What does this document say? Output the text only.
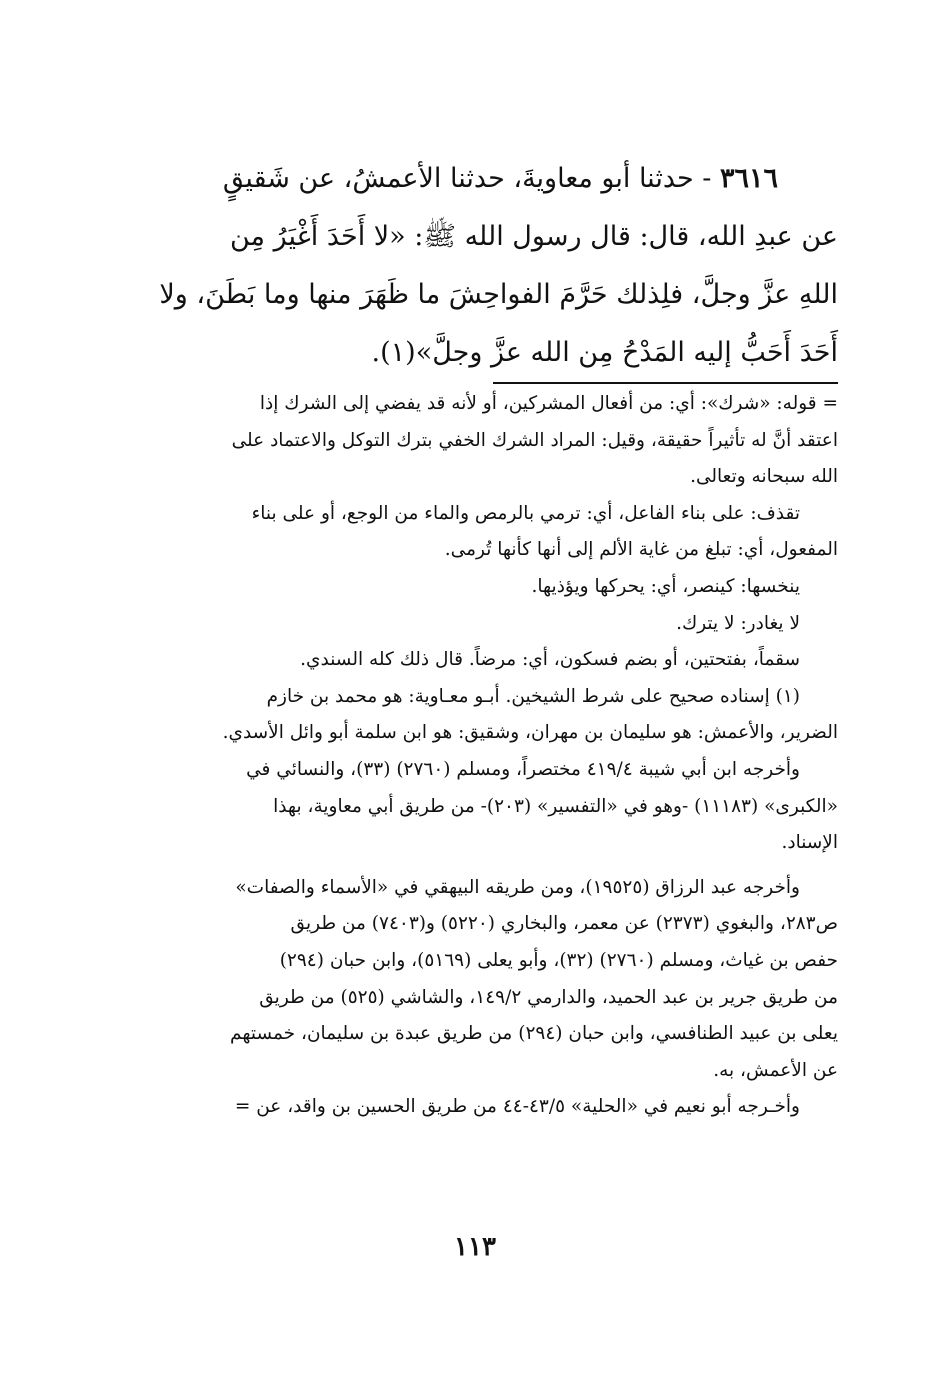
٣٦١٦ - حدثنا أبو معاويةَ، حدثنا الأعمشُ، عن شَقيقٍ
عن عبدِ الله، قال: قال رسول الله ﷺ: «لا أَحَدَ أَغْيَرُ مِن
اللهِ عزَّ وجلَّ، فلِذلك حَرَّمَ الفواحِشَ ما ظَهَرَ منها وما بَطَنَ، ولا
أَحَدَ أَحَبُّ إليه المَدْحُ مِن الله عزَّ وجلَّ»(١).
= قوله: «شرك»: أي: من أفعال المشركين، أو لأنه قد يفضي إلى الشرك إذا
اعتقد أنَّ له تأثيراً حقيقة، وقيل: المراد الشرك الخفي بترك التوكل والاعتماد على
الله سبحانه وتعالى.
تقذف: على بناء الفاعل، أي: ترمي بالرمص والماء من الوجع، أو على بناء
المفعول، أي: تبلغ من غاية الألم إلى أنها كأنها تُرمى.
ينخسها: كينصر، أي: يحركها ويؤذيها.
لا يغادر: لا يترك.
سقماً، بفتحتين، أو بضم فسكون، أي: مرضاً. قال ذلك كله السندي.
(١) إسناده صحيح على شرط الشيخين. أبـو معـاوية: هو محمد بن خازم
الضرير، والأعمش: هو سليمان بن مهران، وشقيق: هو ابن سلمة أبو وائل الأسدي.
وأخرجه ابن أبي شيبة ٤١٩/٤ مختصراً، ومسلم (٢٧٦٠) (٣٣)، والنسائي في
«الكبرى» (١١١٨٣) -وهو في «التفسير» (٢٠٣)- من طريق أبي معاوية، بهذا
الإسناد.
وأخرجه عبد الرزاق (١٩٥٢٥)، ومن طريقه البيهقي في «الأسماء والصفات»
ص٢٨٣، والبغوي (٢٣٧٣) عن معمر، والبخاري (٥٢٢٠) و(٧٤٠٣) من طريق
حفص بن غياث، ومسلم (٢٧٦٠) (٣٢)، وأبو يعلى (٥١٦٩)، وابن حبان (٢٩٤)
من طريق جرير بن عبد الحميد، والدارمي ١٤٩/٢، والشاشي (٥٢٥) من طريق
يعلى بن عبيد الطنافسي، وابن حبان (٢٩٤) من طريق عبدة بن سليمان، خمستهم
عن الأعمش، به.
وأخـرجه أبو نعيم في «الحلية» ٤٣/٥-٤٤ من طريق الحسين بن واقد، عن =
١١٣
